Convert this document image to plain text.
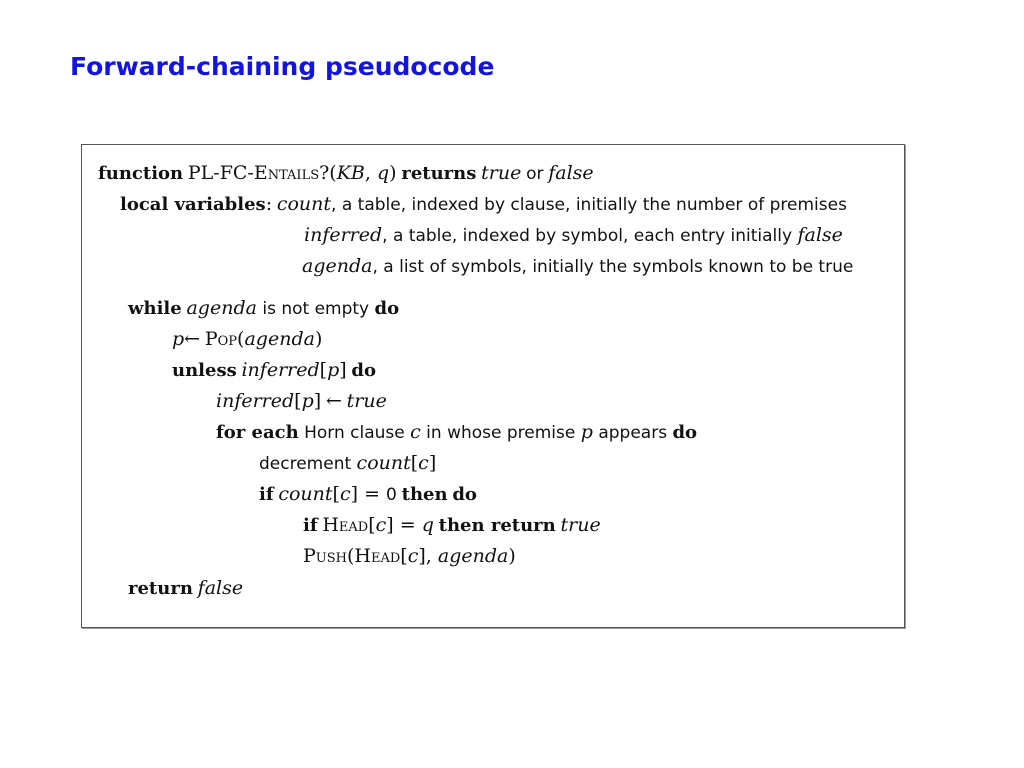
Forward-chaining pseudocode
function PL-FC-Entails?(KB, q) returns true or false
local variables: count, a table, indexed by clause, initially the number of premises
inferred, a table, indexed by symbol, each entry initially false
agenda, a list of symbols, initially the symbols known to be true
while agenda is not empty do
p← Pop(agenda)
unless inferred[p] do
inferred[p] ← true
for each Horn clause c in whose premise p appears do
decrement count[c]
if count[c] = 0 then do
if Head[c] = q then return true
Push(Head[c], agenda)
return false
